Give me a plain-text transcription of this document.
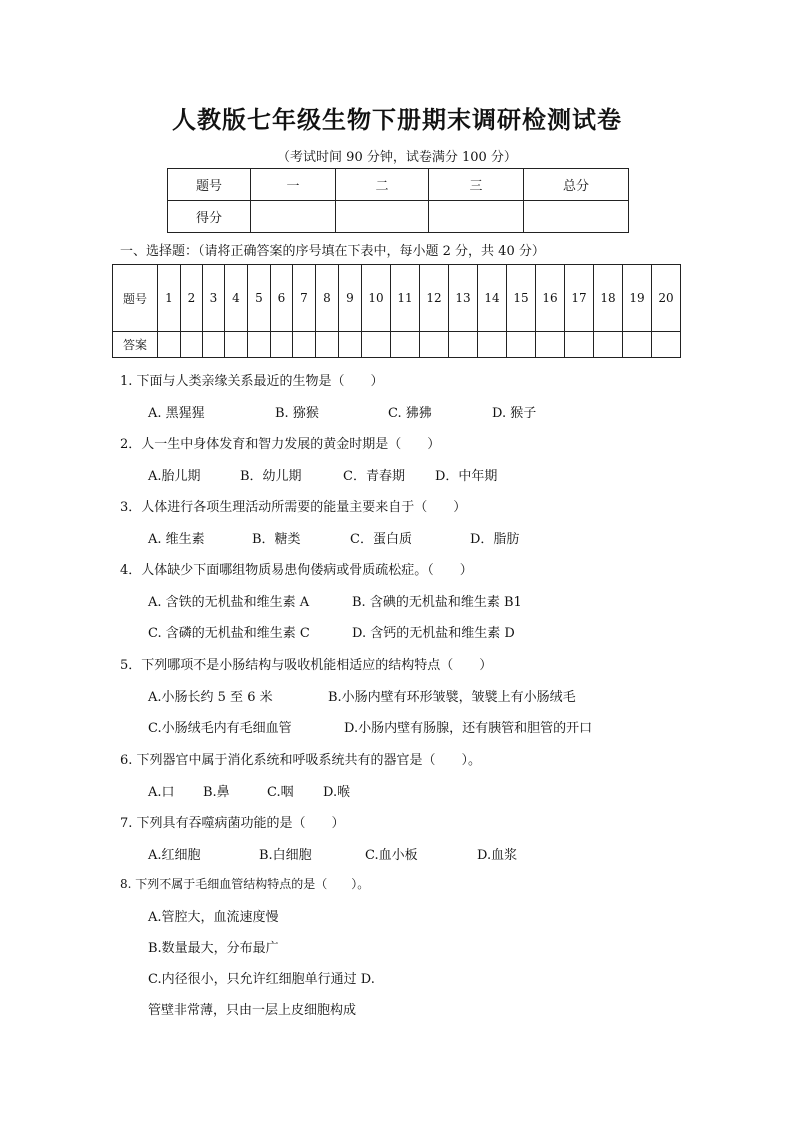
人教版七年级生物下册期末调研检测试卷
（考试时间 90 分钟，试卷满分 100 分）
题号	一	二	三	总分
得分				
一、选择题：（请将正确答案的序号填在下表中，每小题 2 分，共 40 分）
题号	1	2	3	4	5	6	7	8	9	10	11	12	13	14	15	16	17	18	19	20
答案																				
1. 下面与人类亲缘关系最近的生物是（　　）
A. 黑猩猩	B. 猕猴	C. 狒狒	D. 猴子
2．人一生中身体发育和智力发展的黄金时期是（　　）
A.胎儿期	B．幼儿期	C．青春期 D．中年期
3．人体进行各项生理活动所需要的能量主要来自于（　　）
A. 维生素	B．糖类	C．蛋白质	D．脂肪
4．人体缺少下面哪组物质易患佝偻病或骨质疏松症。（　　）
A. 含铁的无机盐和维生素 A	B. 含碘的无机盐和维生素 B1
C. 含磷的无机盐和维生素 C	D. 含钙的无机盐和维生素 D
5．下列哪项不是小肠结构与吸收机能相适应的结构特点（　　）
A.小肠长约 5 至 6 米	B.小肠内壁有环形皱襞，皱襞上有小肠绒毛
C.小肠绒毛内有毛细血管	D.小肠内壁有肠腺，还有胰管和胆管的开口
6. 下列器官中属于消化系统和呼吸系统共有的器官是（　　）。
A.口 B.鼻	C.咽 D.喉
7. 下列具有吞噬病菌功能的是（　　）
A.红细胞	B.白细胞	C.血小板	D.血浆
8. 下列不属于毛细血管结构特点的是（　　）。
A.管腔大，血流速度慢
B.数量最大，分布最广
C.内径很小，只允许红细胞单行通过 D.
管壁非常薄，只由一层上皮细胞构成
